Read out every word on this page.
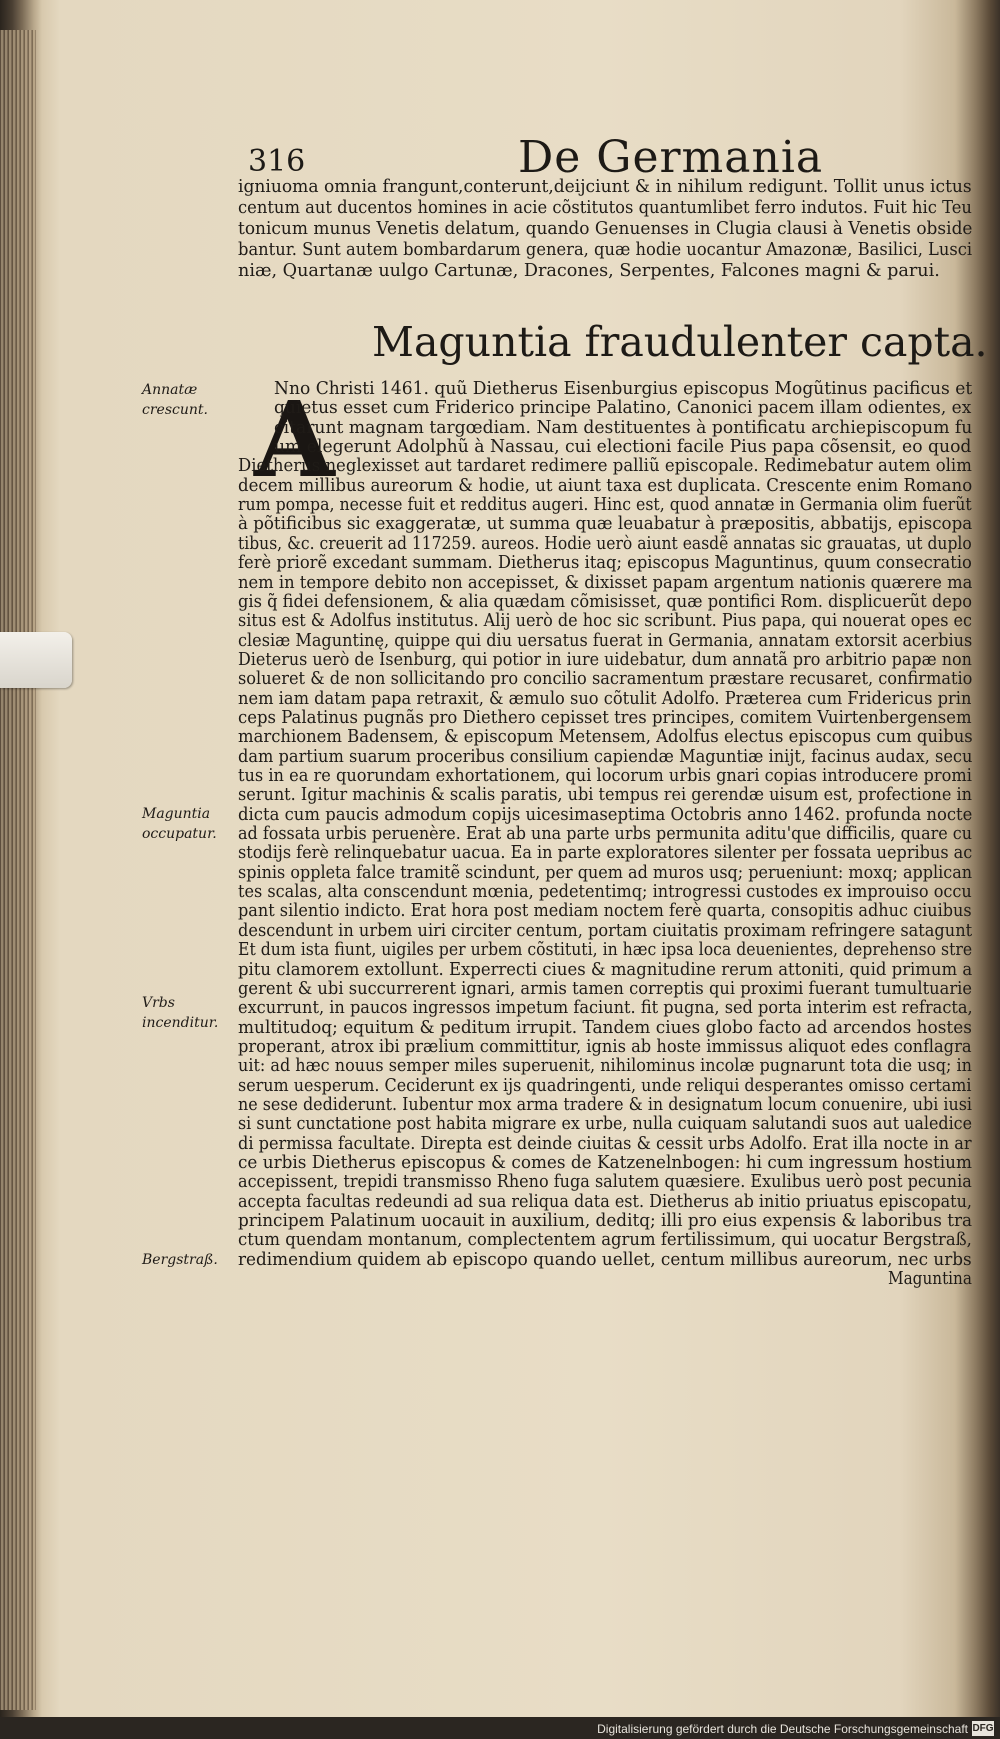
316	De Germania
igniuoma omnia frangunt,conterunt,deijciunt & in nihilum redigunt. Tollit unus ictus
centum aut ducentos homines in acie cõstitutos quantumlibet ferro indutos. Fuit hic Teu
tonicum munus Venetis delatum, quando Genuenses in Clugia clausi à Venetis obside
bantur. Sunt autem bombardarum genera, quæ hodie uocantur Amazonæ, Basilici, Lusci
niæ, Quartanæ uulgo Cartunæ, Dracones, Serpentes, Falcones magni & parui.
Maguntia fraudulenter capta.
A
Nno Christi 1461. quũ Dietherus Eisenburgius episcopus Mogũtinus pacificus et
quietus esset cum Friderico principe Palatino, Canonici pacem illam odientes, ex
citarunt magnam targœdiam. Nam destituentes à pontificatu archiepiscopum fu
um elegerunt Adolphũ à Nassau, cui electioni facile Pius papa cõsensit, eo quod
Dietherus neglexisset aut tardaret redimere palliũ episcopale. Redimebatur autem olim
decem millibus aureorum & hodie, ut aiunt taxa est duplicata. Crescente enim Romano
rum pompa, necesse fuit et redditus augeri. Hinc est, quod annatæ in Germania olim fuerũt
à põtificibus sic exaggeratæ, ut summa quæ leuabatur à præpositis, abbatijs, episcopa
tibus, &c. creuerit ad 117259. aureos. Hodie uerò aiunt easdẽ annatas sic grauatas, ut duplo
ferè priorẽ excedant summam. Dietherus itaq; episcopus Maguntinus, quum consecratio
nem in tempore debito non accepisset, & dixisset papam argentum nationis quærere ma
gis q̃ fidei defensionem, & alia quædam cõmisisset, quæ pontifici Rom. displicuerũt depo
situs est & Adolfus institutus. Alij uerò de hoc sic scribunt. Pius papa, qui nouerat opes ec
clesiæ Maguntinę, quippe qui diu uersatus fuerat in Germania, annatam extorsit acerbius
Dieterus uerò de Isenburg, qui potior in iure uidebatur, dum annatã pro arbitrio papæ non
solueret & de non sollicitando pro concilio sacramentum præstare recusaret, confirmatio
nem iam datam papa retraxit, & æmulo suo cõtulit Adolfo. Præterea cum Fridericus prin
ceps Palatinus pugnãs pro Diethero cepisset tres principes, comitem Vuirtenbergensem
marchionem Badensem, & episcopum Metensem, Adolfus electus episcopus cum quibus
dam partium suarum proceribus consilium capiendæ Maguntiæ inijt, facinus audax, secu
tus in ea re quorundam exhortationem, qui locorum urbis gnari copias introducere promi
serunt. Igitur machinis & scalis paratis, ubi tempus rei gerendæ uisum est, profectione in
dicta cum paucis admodum copijs uicesimaseptima Octobris anno 1462. profunda nocte
ad fossata urbis peruenère. Erat ab una parte urbs permunita aditu'que difficilis, quare cu
stodijs ferè relinquebatur uacua. Ea in parte exploratores silenter per fossata uepribus ac
spinis oppleta falce tramitẽ scindunt, per quem ad muros usq; perueniunt: moxq; applican
tes scalas, alta conscendunt mœnia, pedetentimq; introgressi custodes ex improuiso occu
pant silentio indicto. Erat hora post mediam noctem ferè quarta, consopitis adhuc ciuibus
descendunt in urbem uiri circiter centum, portam ciuitatis proximam refringere satagunt
Et dum ista fiunt, uigiles per urbem cõstituti, in hæc ipsa loca deuenientes, deprehenso stre
pitu clamorem extollunt. Experrecti ciues & magnitudine rerum attoniti, quid primum a
gerent & ubi succurrerent ignari, armis tamen correptis qui proximi fuerant tumultuarie
excurrunt, in paucos ingressos impetum faciunt. fit pugna, sed porta interim est refracta,
multitudoq; equitum & peditum irrupit. Tandem ciues globo facto ad arcendos hostes
properant, atrox ibi prælium committitur, ignis ab hoste immissus aliquot edes conflagra
uit: ad hæc nouus semper miles superuenit, nihilominus incolæ pugnarunt tota die usq; in
serum uesperum. Ceciderunt ex ijs quadringenti, unde reliqui desperantes omisso certami
ne sese dediderunt. Iubentur mox arma tradere & in designatum locum conuenire, ubi iusi
si sunt cunctatione post habita migrare ex urbe, nulla cuiquam salutandi suos aut ualedice
di permissa facultate. Direpta est deinde ciuitas & cessit urbs Adolfo. Erat illa nocte in ar
ce urbis Dietherus episcopus & comes de Katzenelnbogen: hi cum ingressum hostium
accepissent, trepidi transmisso Rheno fuga salutem quæsiere. Exulibus uerò post pecunia
accepta facultas redeundi ad sua reliqua data est. Dietherus ab initio priuatus episcopatu,
principem Palatinum uocauit in auxilium, deditq; illi pro eius expensis & laboribus tra
ctum quendam montanum, complectentem agrum fertilissimum, qui uocatur Bergstraß,
redimendium quidem ab episcopo quando uellet, centum millibus aureorum, nec urbs
Maguntina
Annatæ crescunt.
Maguntia occupatur.
Vrbs incenditur.
Bergstraß.
Digitalisierung gefördert durch die Deutsche Forschungsgemeinschaft DFG
